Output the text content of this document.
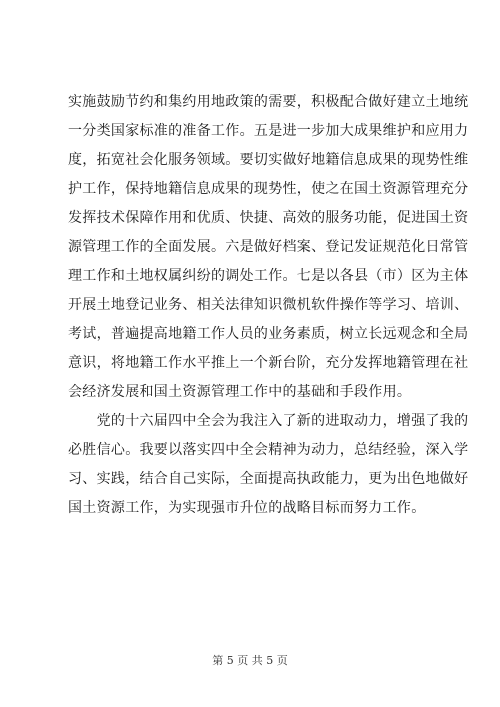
实施鼓励节约和集约用地政策的需要，积极配合做好建立土地统
一分类国家标准的准备工作。五是进一步加大成果维护和应用力
度，拓宽社会化服务领域。要切实做好地籍信息成果的现势性维
护工作，保持地籍信息成果的现势性，使之在国土资源管理充分
发挥技术保障作用和优质、快捷、高效的服务功能，促进国土资
源管理工作的全面发展。六是做好档案、登记发证规范化日常管
理工作和土地权属纠纷的调处工作。七是以各县（市）区为主体
开展土地登记业务、相关法律知识微机软件操作等学习、培训、
考试，普遍提高地籍工作人员的业务素质，树立长远观念和全局
意识，将地籍工作水平推上一个新台阶，充分发挥地籍管理在社
会经济发展和国土资源管理工作中的基础和手段作用。
　　党的十六届四中全会为我注入了新的进取动力，增强了我的
必胜信心。我要以落实四中全会精神为动力，总结经验，深入学
习、实践，结合自己实际，全面提高执政能力，更为出色地做好
国土资源工作，为实现强市升位的战略目标而努力工作。
第 5 页 共 5 页
